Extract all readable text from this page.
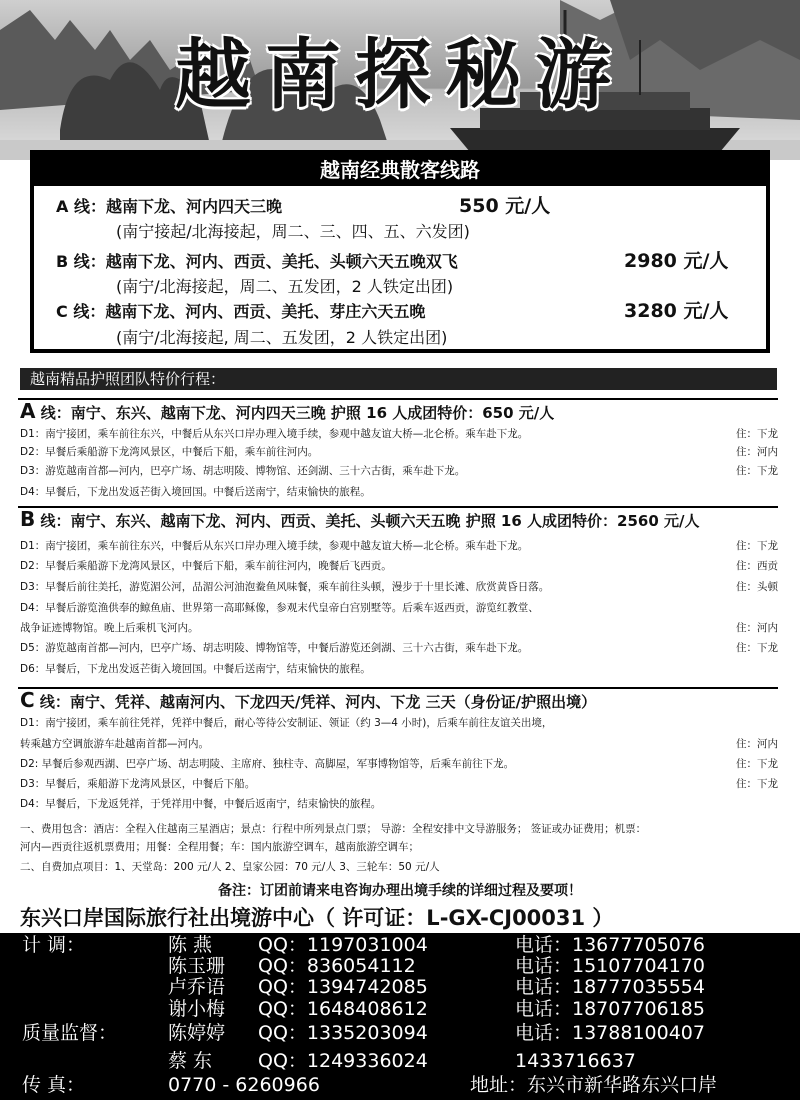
越南探秘游
越南经典散客线路
A 线：越南下龙、河内四天三晚	550 元/人
(南宁接起/北海接起，周二、三、四、五、六发团)
B 线：越南下龙、河内、西贡、美托、头顿六天五晚双飞	2980 元/人
(南宁/北海接起，周二、五发团，2 人铁定出团)
C 线：越南下龙、河内、西贡、美托、芽庄六天五晚	3280 元/人
(南宁/北海接起, 周二、五发团，2 人铁定出团)
越南精品护照团队特价行程：
A 线：南宁、东兴、越南下龙、河内四天三晚 护照 16 人成团特价：650 元/人
D1：南宁接团，乘车前往东兴，中餐后从东兴口岸办理入境手续，参观中越友谊大桥—北仑桥。乘车赴下龙。	住：下龙
D2：早餐后乘船游下龙湾风景区，中餐后下船，乘车前往河内。	住：河内
D3：游览越南首都—河内，巴亭广场、胡志明陵、博物馆、还剑湖、三十六古街，乘车赴下龙。	住：下龙
D4：早餐后，下龙出发返芒街入境回国。中餐后送南宁，结束愉快的旅程。
B 线：南宁、东兴、越南下龙、河内、西贡、美托、头顿六天五晚 护照 16 人成团特价：2560 元/人
D1：南宁接团，乘车前往东兴，中餐后从东兴口岸办理入境手续，参观中越友谊大桥—北仑桥。乘车赴下龙。	住：下龙
D2：早餐后乘船游下龙湾风景区，中餐后下船，乘车前往河内，晚餐后飞西贡。	住：西贡
D3：早餐后前往美托，游览湄公河，品湄公河油泡鲞鱼风味餐，乘车前往头顿，漫步于十里长滩、欣赏黄昏日落。	住：头顿
D4：早餐后游览渔供奉的鲸鱼庙、世界第一高耶稣像，参观末代皇帝白宫别墅等。后乘车返西贡，游览红教堂、
战争证迹博物馆。晚上后乘机飞河内。	住：河内
D5：游览越南首都—河内，巴亭广场、胡志明陵、博物馆等，中餐后游览还剑湖、三十六古街，乘车赴下龙。	住：下龙
D6：早餐后，下龙出发返芒街入境回国。中餐后送南宁，结束愉快的旅程。
C 线：南宁、凭祥、越南河内、下龙四天/凭祥、河内、下龙 三天（身份证/护照出境）
D1：南宁接团，乘车前往凭祥，凭祥中餐后，耐心等待公安制证、领证（约 3—4 小时)，后乘车前往友谊关出境，
转乘越方空调旅游车赴越南首都—河内。	住：河内
D2: 早餐后参观西湖、巴亭广场、胡志明陵、主席府、独柱寺、高脚屋，军事博物馆等，后乘车前往下龙。	住：下龙
D3：早餐后，乘船游下龙湾风景区，中餐后下船。	住：下龙
D4：早餐后，下龙返凭祥，于凭祥用中餐，中餐后返南宁，结束愉快的旅程。
一、费用包含：酒店：全程入住越南三星酒店；景点：行程中所列景点门票； 导游：全程安排中文导游服务； 签证或办证费用；机票：
河内—西贡往返机票费用；用餐：全程用餐；车：国内旅游空调车，越南旅游空调车；
二、自费加点项目：1、天堂岛：200 元/人 2、皇家公园：70 元/人 3、三轮车：50 元/人
备注：订团前请来电咨询办理出境手续的详细过程及要项！
东兴口岸国际旅行社出境游中心（ 许可证：L-GX-CJ00031 ）
计 调：	陈 燕 QQ：1197031004	电话：13677705076
陈玉珊 QQ：836054112	电话：15107704170
卢乔语 QQ：1394742085	电话：18777035554
谢小梅 QQ：1648408612	电话：18707706185
质量监督：	陈婷婷 QQ：1335203094	电话：13788100407
蔡 东 QQ：1249336024	1433716637
传 真：	0770 - 6260966	地址：东兴市新华路东兴口岸
